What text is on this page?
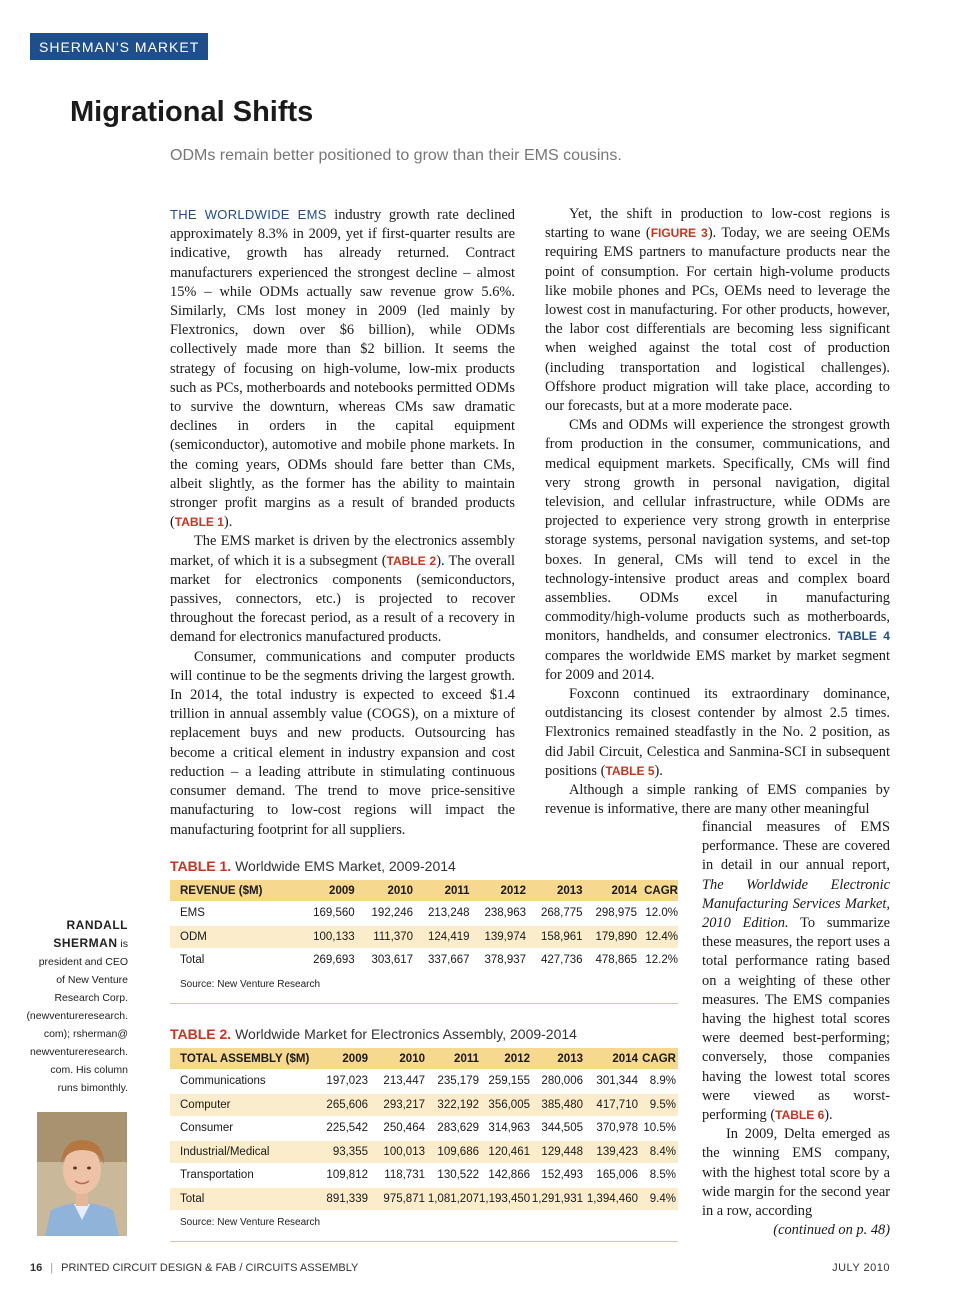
SHERMAN'S MARKET
Migrational Shifts
ODMs remain better positioned to grow than their EMS cousins.

THE WORLDWIDE EMS industry growth rate declined approximately 8.3% in 2009, yet if first-quarter results are indicative, growth has already returned. Contract manufacturers experienced the strongest decline – almost 15% – while ODMs actually saw revenue grow 5.6%. Similarly, CMs lost money in 2009 (led mainly by Flextronics, down over $6 billion), while ODMs collectively made more than $2 billion. It seems the strategy of focusing on high-volume, low-mix products such as PCs, motherboards and notebooks permitted ODMs to survive the downturn, whereas CMs saw dramatic declines in orders in the capital equipment (semiconductor), automotive and mobile phone markets. In the coming years, ODMs should fare better than CMs, albeit slightly, as the former has the ability to maintain stronger profit margins as a result of branded products (TABLE 1).

The EMS market is driven by the electronics assembly market, of which it is a subsegment (TABLE 2). The overall market for electronics components (semiconductors, passives, connectors, etc.) is projected to recover throughout the forecast period, as a result of a recovery in demand for electronics manufactured products.

Consumer, communications and computer products will continue to be the segments driving the largest growth. In 2014, the total industry is expected to exceed $1.4 trillion in annual assembly value (COGS), on a mixture of replacement buys and new products. Outsourcing has become a critical element in industry expansion and cost reduction – a leading attribute in stimulating continuous consumer demand. The trend to move price-sensitive manufacturing to low-cost regions will impact the manufacturing footprint for all suppliers.

Yet, the shift in production to low-cost regions is starting to wane (FIGURE 3). Today, we are seeing OEMs requiring EMS partners to manufacture products near the point of consumption. For certain high-volume products like mobile phones and PCs, OEMs need to leverage the lowest cost in manufacturing. For other products, however, the labor cost differentials are becoming less significant when weighed against the total cost of production (including transportation and logistical challenges). Offshore product migration will take place, according to our forecasts, but at a more moderate pace.

CMs and ODMs will experience the strongest growth from production in the consumer, communications, and medical equipment markets. Specifically, CMs will find very strong growth in personal navigation, digital television, and cellular infrastructure, while ODMs are projected to experience very strong growth in enterprise storage systems, personal navigation systems, and set-top boxes. In general, CMs will tend to excel in the technology-intensive product areas and complex board assemblies. ODMs excel in manufacturing commodity/high-volume products such as motherboards, monitors, handhelds, and consumer electronics. TABLE 4 compares the worldwide EMS market by market segment for 2009 and 2014.

Foxconn continued its extraordinary dominance, outdistancing its closest contender by almost 2.5 times. Flextronics remained steadfastly in the No. 2 position, as did Jabil Circuit, Celestica and Sanmina-SCI in subsequent positions (TABLE 5).

Although a simple ranking of EMS companies by revenue is informative, there are many other meaningful

financial measures of EMS performance. These are covered in detail in our annual report, The Worldwide Electronic Manufacturing Services Market, 2010 Edition. To summarize these measures, the report uses a total performance rating based on a weighting of these other measures. The EMS companies having the highest total scores were deemed best-performing; conversely, those companies having the lowest total scores were viewed as worst-performing (TABLE 6).

In 2009, Delta emerged as the winning EMS company, with the highest total score by a wide margin for the second year in a row, according

(continued on p. 48)
TABLE 1. Worldwide EMS Market, 2009-2014
REVENUE ($M)	2009	2010	2011	2012	2013	2014 CAGR
EMS	169,560	192,246	213,248	238,963	268,775	298,975 12.0%
ODM	100,133	111,370	124,419	139,974	158,961	179,890 12.4%
Total	269,693	303,617	337,667	378,937	427,736	478,865 12.2%
Source: New Venture Research
TABLE 2. Worldwide Market for Electronics Assembly, 2009-2014
TOTAL ASSEMBLY ($M)	2009	2010	2011	2012	2013	2014 CAGR
Communications	197,023	213,447	235,179 259,155 280,006	301,344	8.9%
Computer	265,606	293,217	322,192 356,005 385,480	417,710	9.5%
Consumer	225,542	250,464	283,629 314,963 344,505	370,978 10.5%
Industrial/Medical	93,355	100,013	109,686 120,461 129,448	139,423	8.4%
Transportation	109,812	118,731	130,522 142,866 152,493	165,006	8.5%
Total	891,339	975,871 1,081,207 1,193,450 1,291,931 1,394,460	9.4%
Source: New Venture Research
RANDALL
SHERMAN is
president and CEO
of New Venture
Research Corp.
(newventureresearch.
com); rsherman@
newventureresearch.
com. His column
runs bimonthly.
16 | PRINTED CIRCUIT DESIGN & FAB / CIRCUITS ASSEMBLY	JULY 2010
